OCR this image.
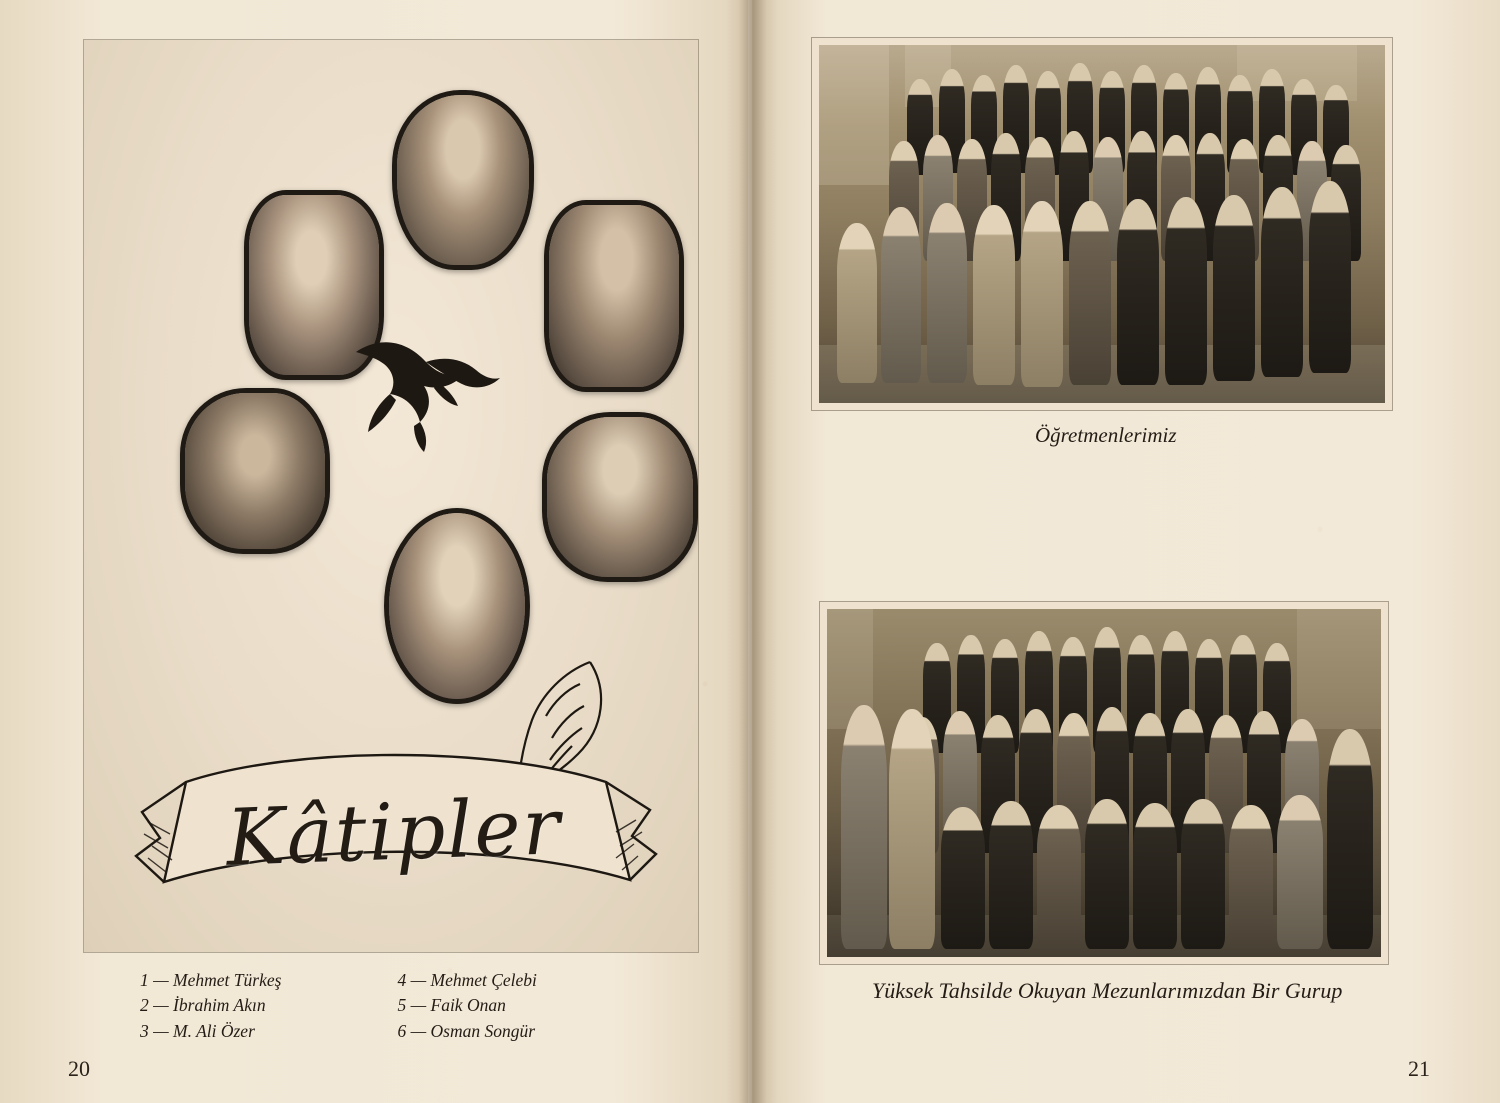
Kâtipler
1 — Mehmet Türkeş
2 — İbrahim Akın
3 — M. Ali Özer
4 — Mehmet Çelebi
5 — Faik Onan
6 — Osman Songür
20
Öğretmenlerimiz
Yüksek Tahsilde Okuyan Mezunlarımızdan Bir Gurup
21
